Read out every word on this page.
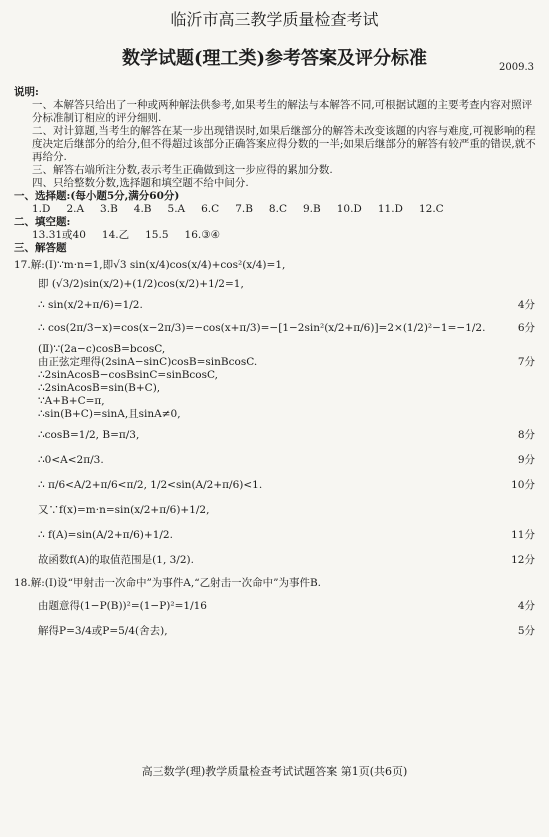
临沂市高三教学质量检查考试
数学试题(理工类)参考答案及评分标准	2009.3
说明:
一、本解答只给出了一种或两种解法供参考,如果考生的解法与本解答不同,可根据试题的主要考查内容对照评分标准制订相应的评分细则.
二、对计算题,当考生的解答在某一步出现错误时,如果后继部分的解答未改变该题的内容与难度,可视影响的程度决定后继部分的给分,但不得超过该部分正确答案应得分数的一半;如果后继部分的解答有较严重的错误,就不再给分.
三、解答右端所注分数,表示考生正确做到这一步应得的累加分数.
四、只给整数分数,选择题和填空题不给中间分.
一、选择题:(每小题5分,满分60分)
1.D 2.A 3.B 4.B 5.A 6.C 7.B 8.C 9.B 10.D 11.D 12.C
二、填空题:
13.31或40 14.乙 15.5 16.③④
三、解答题
17.解:(Ⅰ)∵m·n=1,即√3 sin(x/4)cos(x/4)+cos²(x/4)=1,
即 (√3/2)sin(x/2)+(1/2)cos(x/2)+1/2=1,
∴ sin(x/2+π/6)=1/2.	4分
∴ cos(2π/3−x)=cos(x−2π/3)=−cos(x+π/3)=−[1−2sin²(x/2+π/6)]=2×(1/2)²−1=−1/2.	6分
(Ⅱ)∵(2a−c)cosB=bcosC,
由正弦定理得(2sinA−sinC)cosB=sinBcosC.	7分
∴2sinAcosB−cosBsinC=sinBcosC,
∴2sinAcosB=sin(B+C),
∵A+B+C=π,
∴sin(B+C)=sinA,且sinA≠0,
∴cosB=1/2, B=π/3,	8分
∴0<A<2π/3.	9分
∴ π/6<A/2+π/6<π/2, 1/2<sin(A/2+π/6)<1.	10分
又∵f(x)=m·n=sin(x/2+π/6)+1/2,
∴ f(A)=sin(A/2+π/6)+1/2.	11分
故函数f(A)的取值范围是(1, 3/2).	12分
18.解:(Ⅰ)设“甲射击一次命中”为事件A,“乙射击一次命中”为事件B.
由题意得(1−P(B))²=(1−P)²=1/16	4分
解得P=3/4或P=5/4(舍去),	5分
高三数学(理)教学质量检查考试试题答案 第1页(共6页)
